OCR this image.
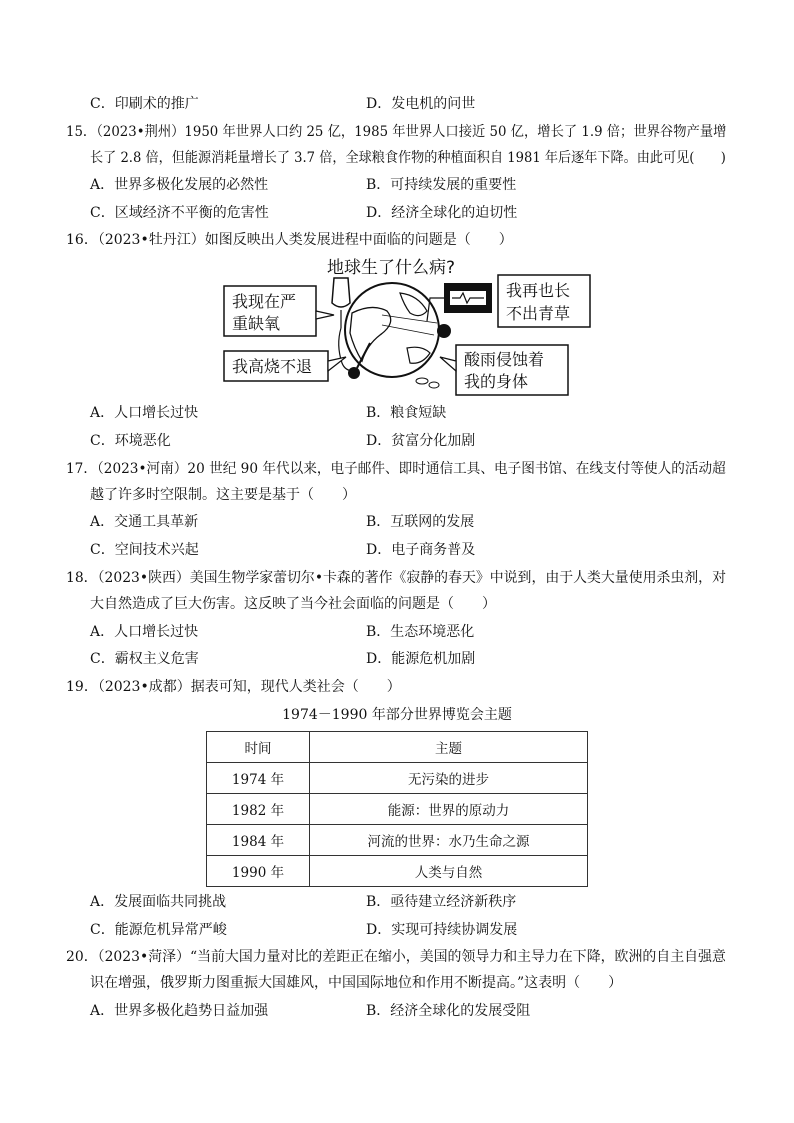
C．印刷术的推广	D．发电机的问世
15．（2023•荆州）1950 年世界人口约 25 亿，1985 年世界人口接近 50 亿，增长了 1.9 倍；世界谷物产量增
长了 2.8 倍，但能源消耗量增长了 3.7 倍，全球粮食作物的种植面积自 1981 年后逐年下降。由此可见(　　)
A．世界多极化发展的必然性	B．可持续发展的重要性
C．区域经济不平衡的危害性	D．经济全球化的迫切性
16．（2023•牡丹江）如图反映出人类发展进程中面临的问题是（　　）
地球生了什么病?
我现在严
重缺氧
我高烧不退
我再也长
不出青草
酸雨侵蚀着
我的身体
A．人口增长过快	B．粮食短缺
C．环境恶化	D．贫富分化加剧
17．（2023•河南）20 世纪 90 年代以来，电子邮件、即时通信工具、电子图书馆、在线支付等使人的活动超
越了许多时空限制。这主要是基于（　　）
A．交通工具革新	B．互联网的发展
C．空间技术兴起	D．电子商务普及
18．（2023•陕西）美国生物学家蕾切尔•卡森的著作《寂静的春天》中说到，由于人类大量使用杀虫剂，对
大自然造成了巨大伤害。这反映了当今社会面临的问题是（　　）
A．人口增长过快	B．生态环境恶化
C．霸权主义危害	D．能源危机加剧
19．（2023•成都）据表可知，现代人类社会（　　）
1974－1990 年部分世界博览会主题
时间	主题
1974 年	无污染的进步
1982 年	能源：世界的原动力
1984 年	河流的世界：水乃生命之源
1990 年	人类与自然
A．发展面临共同挑战	B．亟待建立经济新秩序
C．能源危机异常严峻	D．实现可持续协调发展
20．（2023•菏泽）“当前大国力量对比的差距正在缩小，美国的领导力和主导力在下降，欧洲的自主自强意
识在增强，俄罗斯力图重振大国雄风，中国国际地位和作用不断提高。”这表明（　　）
A．世界多极化趋势日益加强	B．经济全球化的发展受阻
